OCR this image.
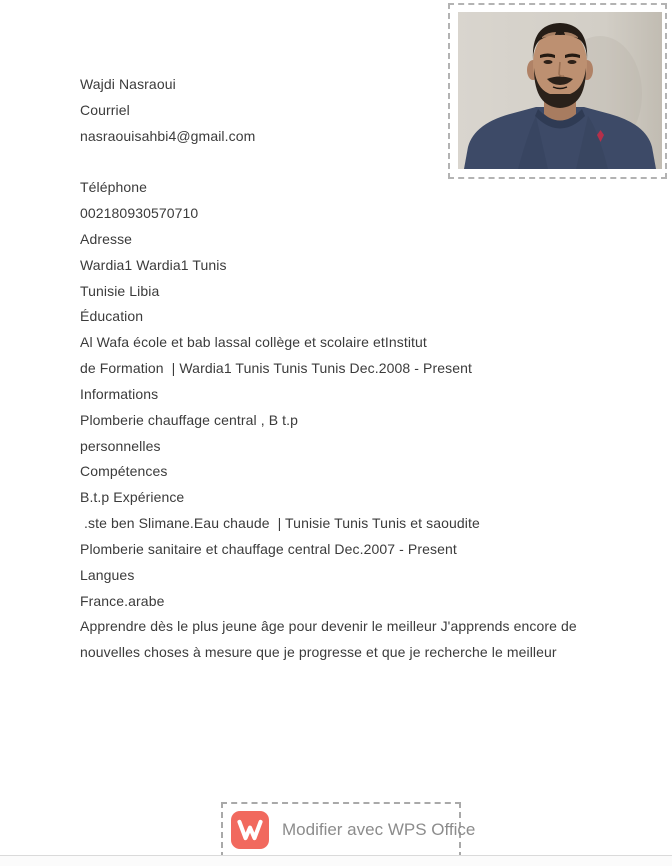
Wajdi Nasraoui

Courriel

nasraouisahbi4@gmail.com

Téléphone

002180930570710

Adresse

Wardia1 Wardia1 Tunis

Tunisie Libia

Éducation

Al Wafa école et bab lassal collège et scolaire etInstitut

de Formation  | Wardia1 Tunis Tunis Tunis Dec.2008 - Present

Informations

Plomberie chauffage central , B t.p

personnelles

Compétences

B.t.p Expérience

.ste ben Slimane.Eau chaude  | Tunisie Tunis Tunis et saoudite

Plomberie sanitaire et chauffage central Dec.2007 - Present

Langues

France.arabe

Apprendre dès le plus jeune âge pour devenir le meilleur J'apprends encore de

nouvelles choses à mesure que je progresse et que je recherche le meilleur

Modifier avec WPS Office
